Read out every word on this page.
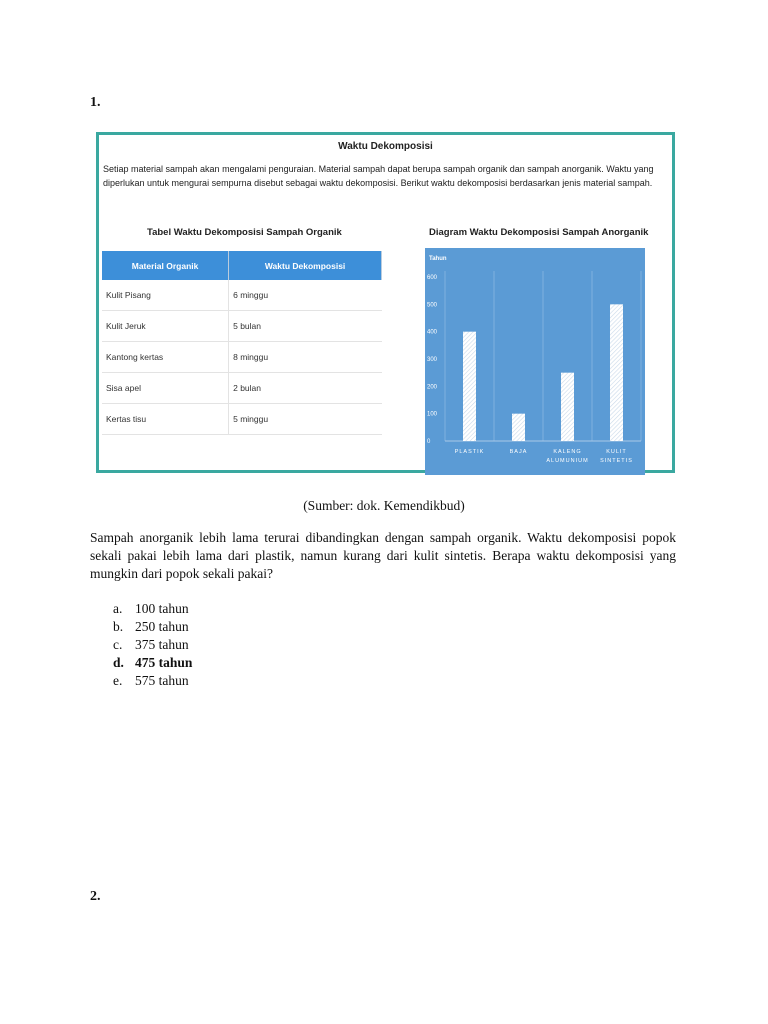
1.
Waktu Dekomposisi
Setiap material sampah akan mengalami penguraian. Material sampah dapat berupa sampah organik dan sampah anorganik. Waktu yang diperlukan untuk mengurai sempurna disebut sebagai waktu dekomposisi. Berikut waktu dekomposisi berdasarkan jenis material sampah.
Tabel Waktu Dekomposisi Sampah Organik
Material Organik	Waktu Dekomposisi
Kulit Pisang	6 minggu
Kulit Jeruk	5 bulan
Kantong kertas	8 minggu
Sisa apel	2 bulan
Kertas tisu	5 minggu
Diagram Waktu Dekomposisi Sampah Anorganik
Tahun
0
100
200
300
400
500
600
PLASTIK	BAJA	KALENG
ALUMUNIUM
KULIT
SINTETIS
(Sumber: dok. Kemendikbud)
Sampah anorganik lebih lama terurai dibandingkan dengan sampah organik. Waktu dekomposisi popok sekali pakai lebih lama dari plastik, namun kurang dari kulit sintetis. Berapa waktu dekomposisi yang mungkin dari popok sekali pakai?
a. 100 tahun
b. 250 tahun
c. 375 tahun
d. 475 tahun
e. 575 tahun
2.
